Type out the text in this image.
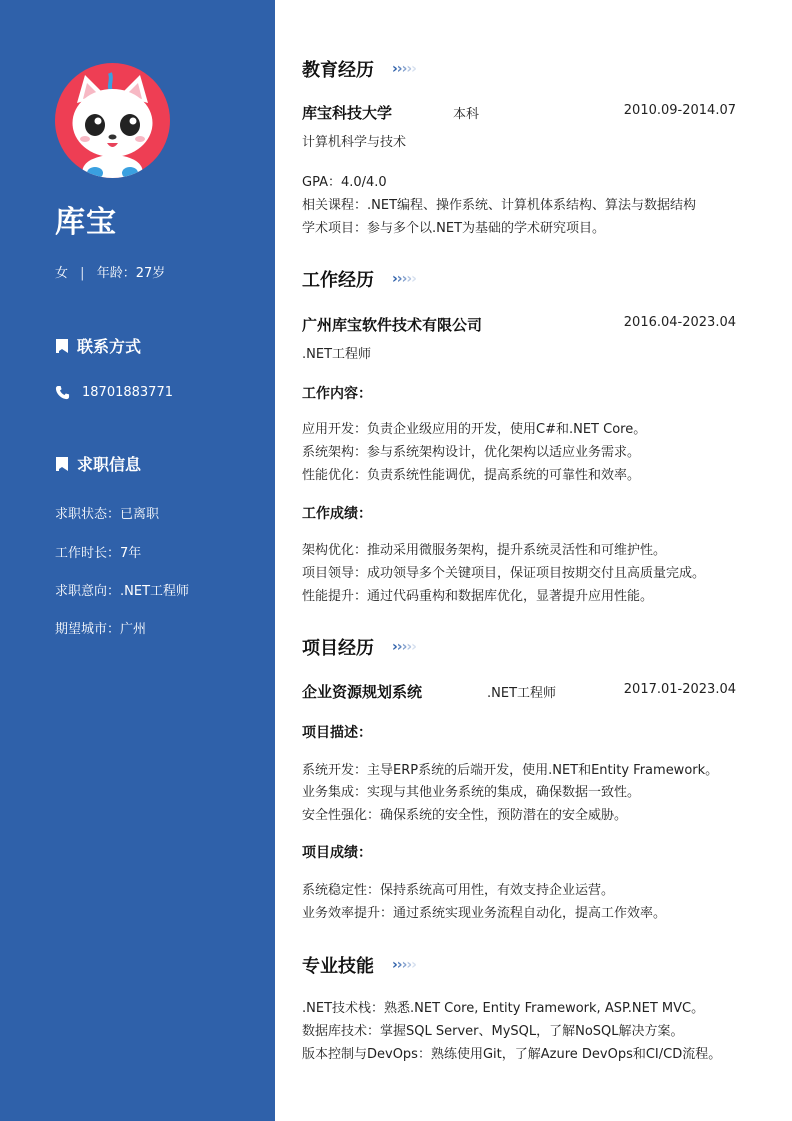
库宝
女 | 年龄：27岁
联系方式
18701883771
求职信息
求职状态：已离职
工作时长：7年
求职意向：.NET工程师
期望城市：广州
教育经历 ›››››
库宝科技大学	本科	2010.09-2014.07
计算机科学与技术
GPA：4.0/4.0
相关课程：.NET编程、操作系统、计算机体系结构、算法与数据结构
学术项目：参与多个以.NET为基础的学术研究项目。
工作经历 ›››››
广州库宝软件技术有限公司	2016.04-2023.04
.NET工程师
工作内容：
应用开发：负责企业级应用的开发，使用C#和.NET Core。
系统架构：参与系统架构设计，优化架构以适应业务需求。
性能优化：负责系统性能调优，提高系统的可靠性和效率。
工作成绩：
架构优化：推动采用微服务架构，提升系统灵活性和可维护性。
项目领导：成功领导多个关键项目，保证项目按期交付且高质量完成。
性能提升：通过代码重构和数据库优化，显著提升应用性能。
项目经历 ›››››
企业资源规划系统	.NET工程师	2017.01-2023.04
项目描述：
系统开发：主导ERP系统的后端开发，使用.NET和Entity Framework。
业务集成：实现与其他业务系统的集成，确保数据一致性。
安全性强化：确保系统的安全性，预防潜在的安全威胁。
项目成绩：
系统稳定性：保持系统高可用性，有效支持企业运营。
业务效率提升：通过系统实现业务流程自动化，提高工作效率。
专业技能 ›››››
.NET技术栈：熟悉.NET Core, Entity Framework, ASP.NET MVC。
数据库技术：掌握SQL Server、MySQL，了解NoSQL解决方案。
版本控制与DevOps：熟练使用Git，了解Azure DevOps和CI/CD流程。
